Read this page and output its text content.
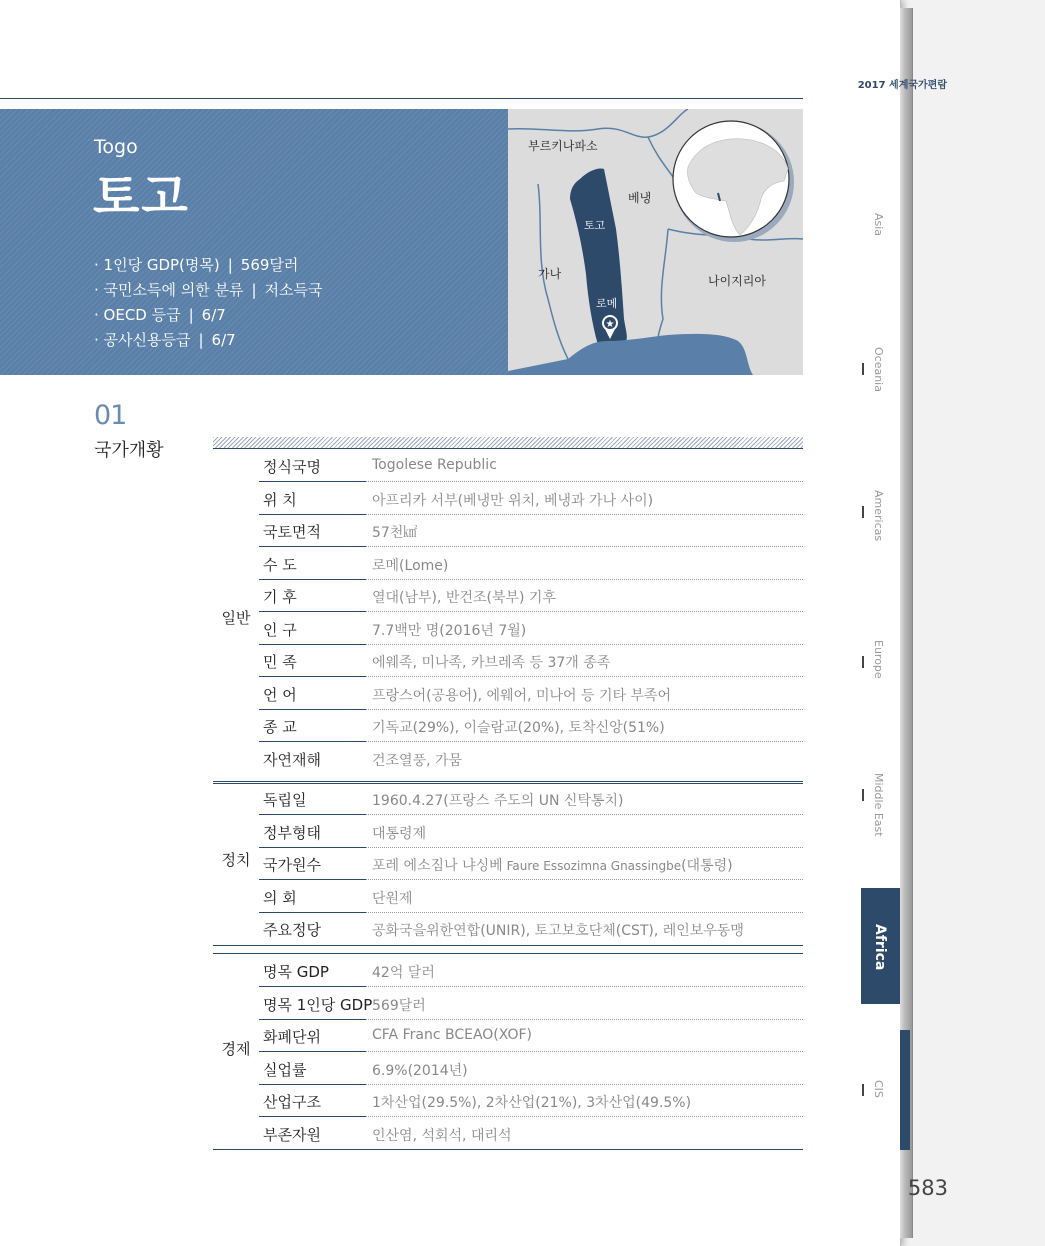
2017 세계국가편람
Togo
토고
· 1인당 GDP(명목) | 569달러
· 국민소득에 의한 분류 | 저소득국
· OECD 등급 | 6/7
· 공사신용등급 | 6/7
★
부르키나파소
베냉
토고
가나	나이지리아
로메
01
국가개황
일반
정식국명	Togolese Republic
위 치	아프리카 서부(베냉만 위치, 베냉과 가나 사이)
국토면적	57천㎢
수 도	로메(Lome)
기 후	열대(남부), 반건조(북부) 기후
인 구	7.7백만 명(2016년 7월)
민 족	에웨족, 미나족, 카브레족 등 37개 종족
언 어	프랑스어(공용어), 에웨어, 미나어 등 기타 부족어
종 교	기독교(29%), 이슬람교(20%), 토착신앙(51%)
자연재해	건조열풍, 가뭄
정치
독립일	1960.4.27(프랑스 주도의 UN 신탁통치)
정부형태	대통령제
국가원수	포레 에소짐나 냐싱베 Faure Essozimna Gnassingbe(대통령)
의 회	단원제
주요정당	공화국을위한연합(UNIR), 토고보호단체(CST), 레인보우동맹
경제
명목 GDP	42억 달러
명목 1인당 GDP 569달러
화폐단위	CFA Franc BCEAO(XOF)
실업률	6.9%(2014년)
산업구조	1차산업(29.5%), 2차산업(21%), 3차산업(49.5%)
부존자원	인산염, 석회석, 대리석
583
Asia
Oceania
Americas
Europe
Middle East
Africa
CIS
